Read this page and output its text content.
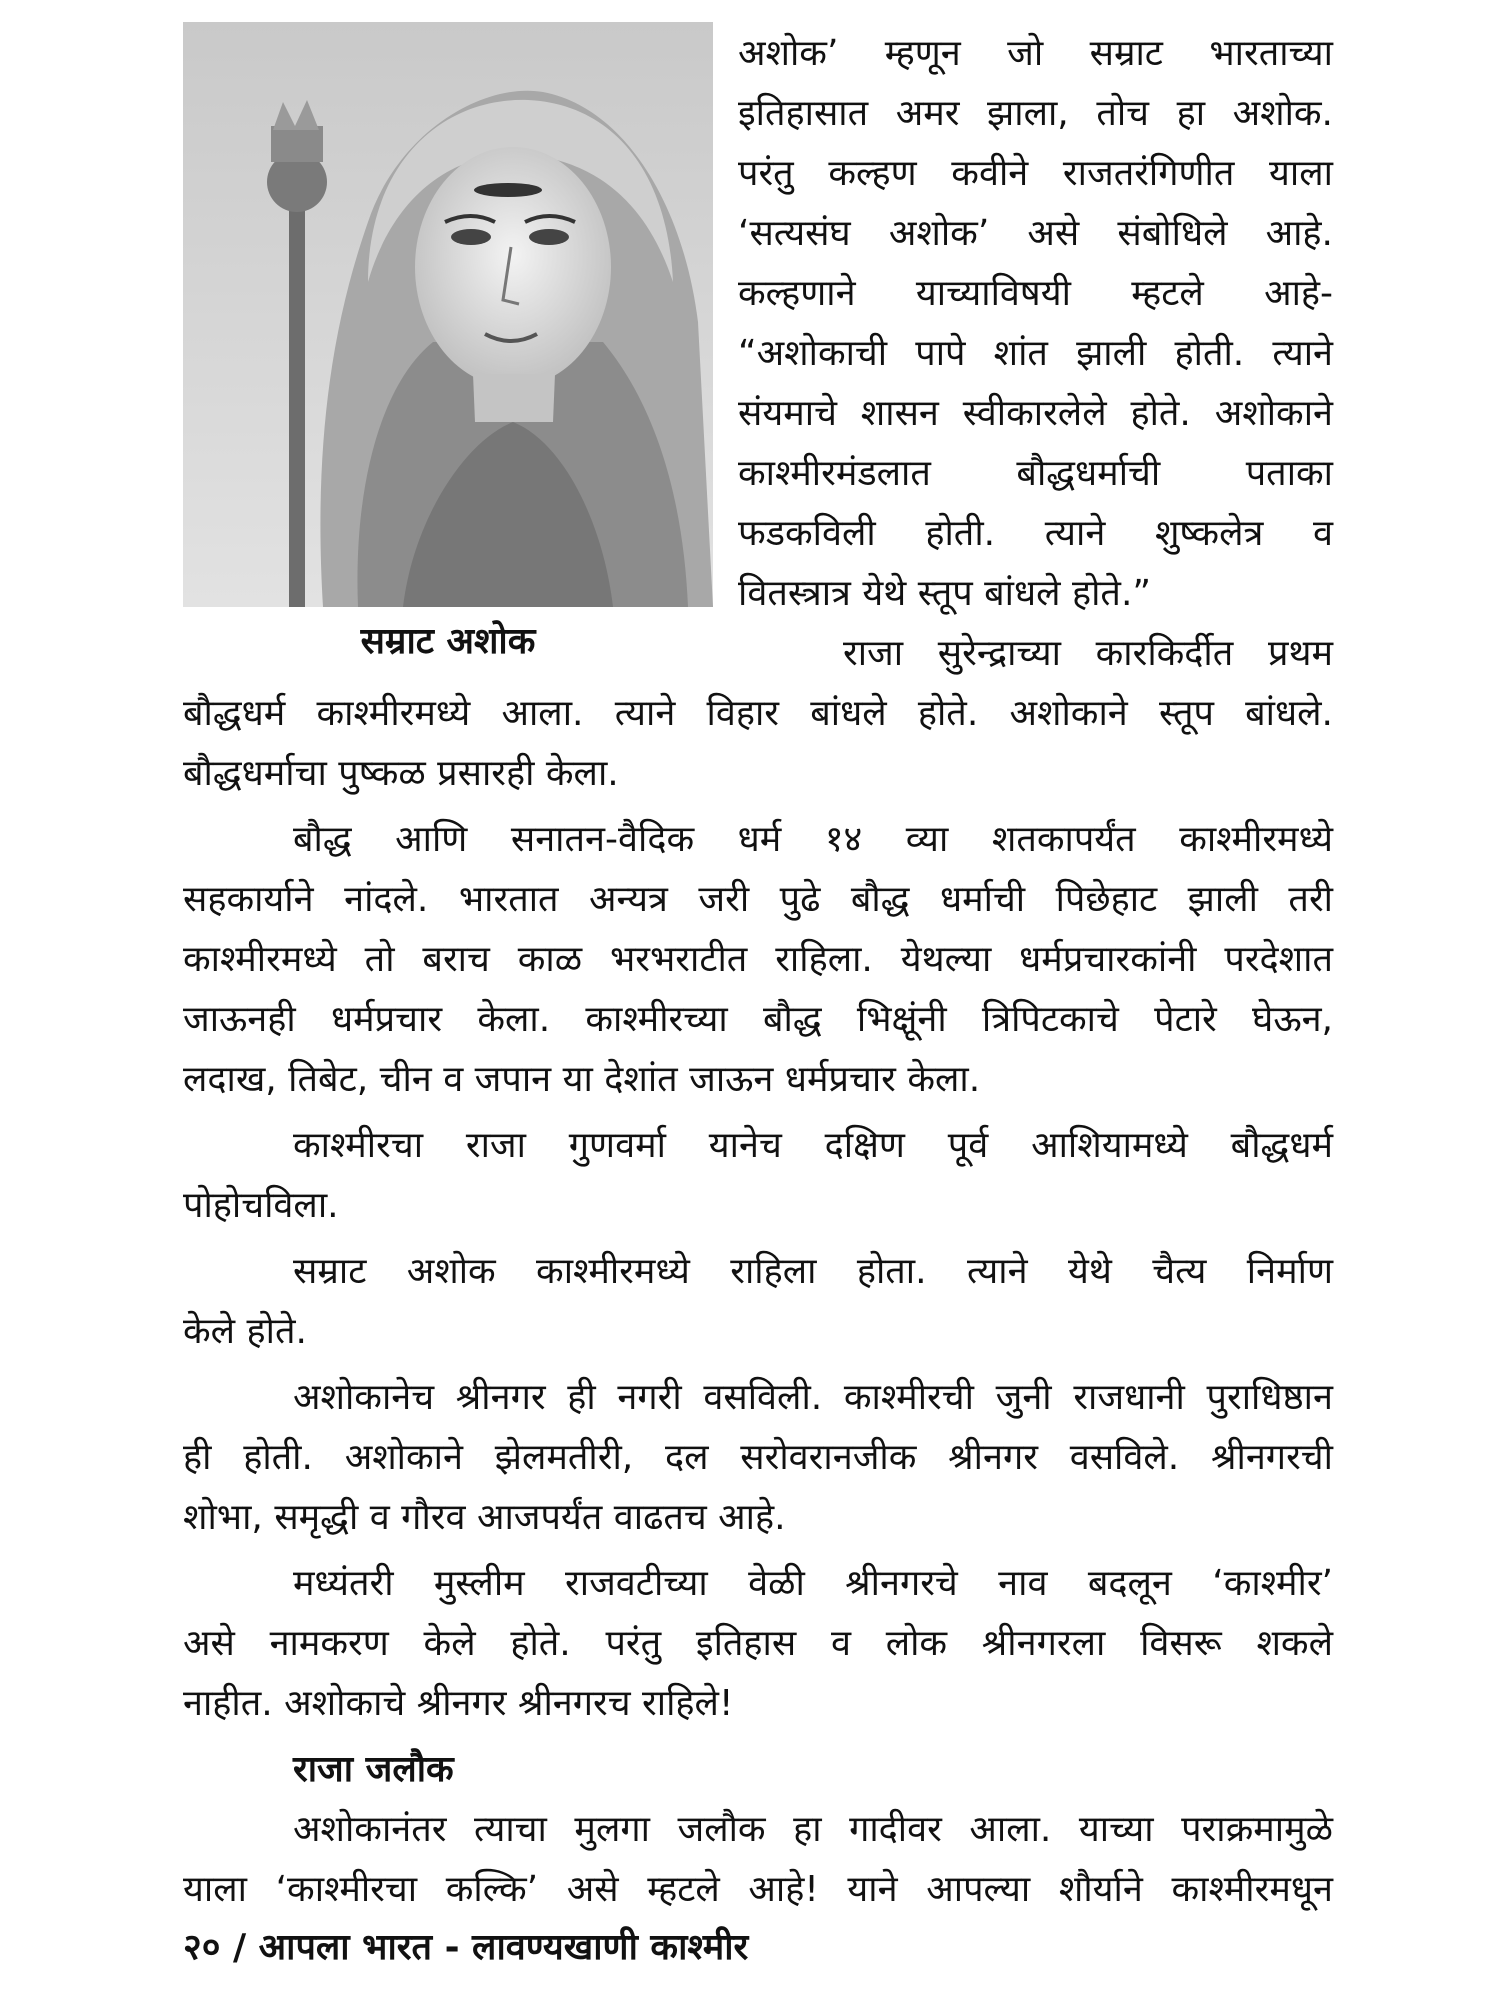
सम्राट अशोक
अशोक’ म्हणून जो सम्राट भारताच्या
इतिहासात अमर झाला, तोच हा अशोक.
परंतु कल्हण कवीने राजतरंगिणीत याला
‘सत्यसंघ अशोक’ असे संबोधिले आहे.
कल्हणाने याच्याविषयी म्हटले आहे-
“अशोकाची पापे शांत झाली होती. त्याने
संयमाचे शासन स्वीकारलेले होते. अशोकाने
काश्मीरमंडलात बौद्धधर्माची पताका
फडकविली होती. त्याने शुष्कलेत्र व
वितस्त्रात्र येथे स्तूप बांधले होते.”
राजा सुरेन्द्राच्या कारकिर्दीत प्रथम
बौद्धधर्म काश्मीरमध्ये आला. त्याने विहार बांधले होते. अशोकाने स्तूप बांधले.
बौद्धधर्माचा पुष्कळ प्रसारही केला.
बौद्ध आणि सनातन-वैदिक धर्म १४ व्या शतकापर्यंत काश्मीरमध्ये
सहकार्याने नांदले. भारतात अन्यत्र जरी पुढे बौद्ध धर्माची पिछेहाट झाली तरी
काश्मीरमध्ये तो बराच काळ भरभराटीत राहिला. येथल्या धर्मप्रचारकांनी परदेशात
जाऊनही धर्मप्रचार केला. काश्मीरच्या बौद्ध भिक्षूंनी त्रिपिटकाचे पेटारे घेऊन,
लदाख, तिबेट, चीन व जपान या देशांत जाऊन धर्मप्रचार केला.
काश्मीरचा राजा गुणवर्मा यानेच दक्षिण पूर्व आशियामध्ये बौद्धधर्म
पोहोचविला.
सम्राट अशोक काश्मीरमध्ये राहिला होता. त्याने येथे चैत्य निर्माण
केले होते.
अशोकानेच श्रीनगर ही नगरी वसविली. काश्मीरची जुनी राजधानी पुराधिष्ठान
ही होती. अशोकाने झेलमतीरी, दल सरोवरानजीक श्रीनगर वसविले. श्रीनगरची
शोभा, समृद्धी व गौरव आजपर्यंत वाढतच आहे.
मध्यंतरी मुस्लीम राजवटीच्या वेळी श्रीनगरचे नाव बदलून ‘काश्मीर’
असे नामकरण केले होते. परंतु इतिहास व लोक श्रीनगरला विसरू शकले
नाहीत. अशोकाचे श्रीनगर श्रीनगरच राहिले!
राजा जलौक
अशोकानंतर त्याचा मुलगा जलौक हा गादीवर आला. याच्या पराक्रमामुळे
याला ‘काश्मीरचा कल्कि’ असे म्हटले आहे! याने आपल्या शौर्याने काश्मीरमधून
२० / आपला भारत - लावण्यखाणी काश्मीर
